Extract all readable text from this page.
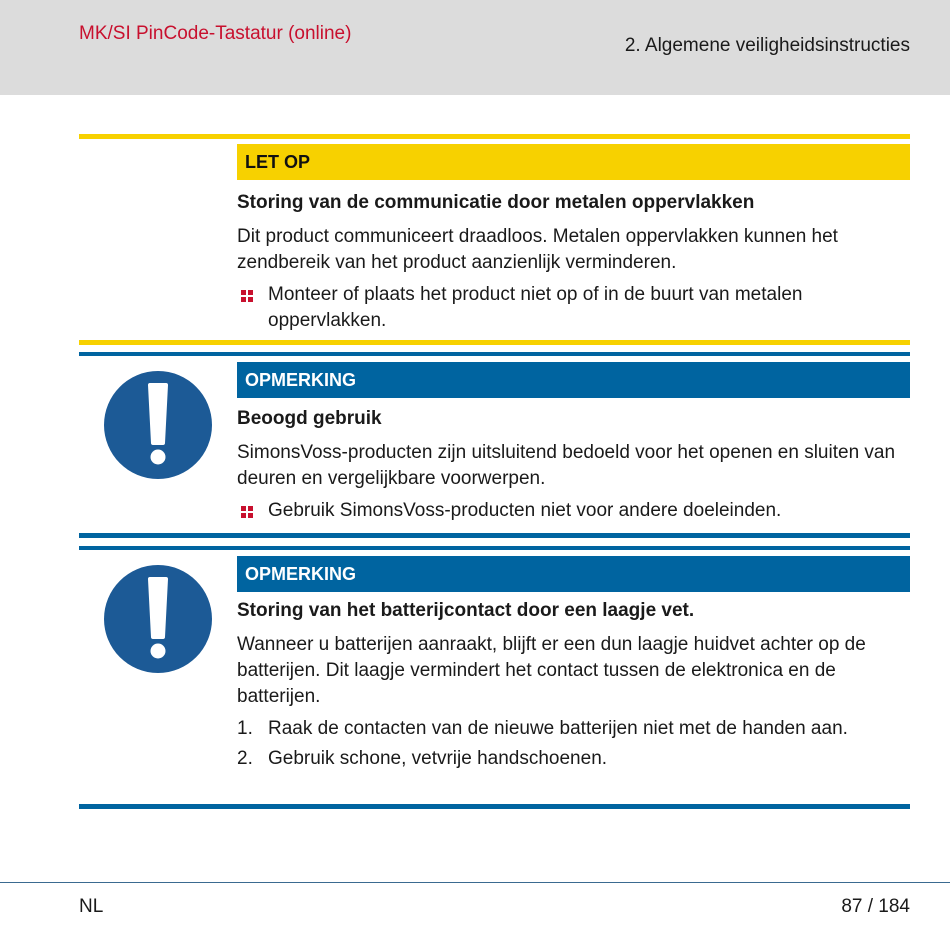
MK/SI PinCode-Tastatur (online)
2. Algemene veiligheidsinstructies
LET OP

Storing van de communicatie door metalen oppervlakken

Dit product communiceert draadloos. Metalen oppervlakken kunnen het zendbereik van het product aanzienlijk verminderen.

Monteer of plaats het product niet op of in de buurt van metalen oppervlakken.

OPMERKING

Beoogd gebruik

SimonsVoss-producten zijn uitsluitend bedoeld voor het openen en sluiten van deuren en vergelijkbare voorwerpen.

Gebruik SimonsVoss-producten niet voor andere doeleinden.

OPMERKING

Storing van het batterijcontact door een laagje vet.

Wanneer u batterijen aanraakt, blijft er een dun laagje huidvet achter op de batterijen. Dit laagje vermindert het contact tussen de elektronica en de batterijen.

1. Raak de contacten van de nieuwe batterijen niet met de handen aan.

2. Gebruik schone, vetvrije handschoenen.

NL	87 / 184
